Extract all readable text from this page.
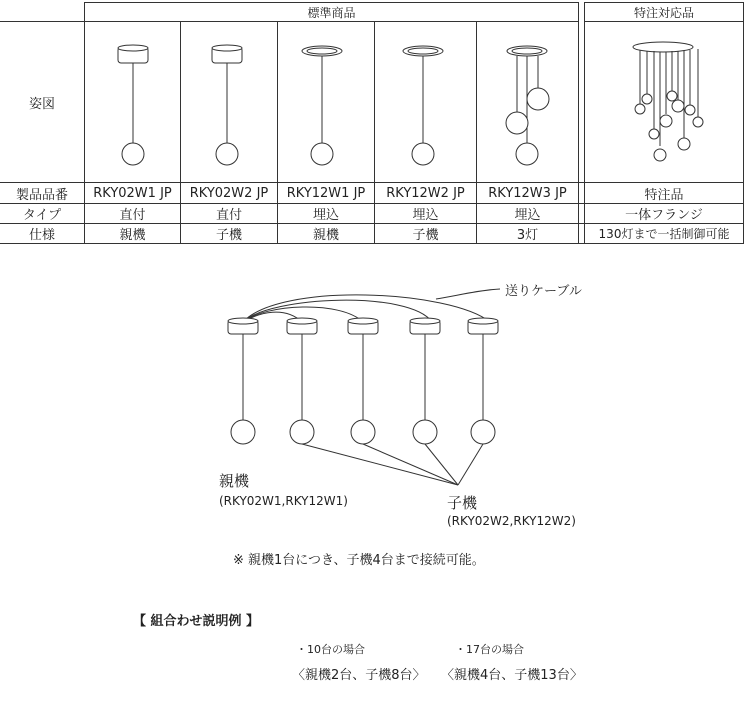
標準商品	特注対応品
姿図
製品品番
タイプ
仕様
RKY02W1 JP
直付
親機
RKY02W2 JP
直付
子機
RKY12W1 JP
埋込
親機
RKY12W2 JP
埋込
子機
RKY12W3 JP
埋込
3灯
特注品
一体フランジ
130灯まで一括制御可能
送りケーブル
親機
(RKY02W1,RKY12W1)	子機
(RKY02W2,RKY12W2)
※ 親機1台につき、子機4台まで接続可能。
【 組合わせ説明例 】
・10台の場合
〈親機2台、子機8台〉
・17台の場合
〈親機4台、子機13台〉
